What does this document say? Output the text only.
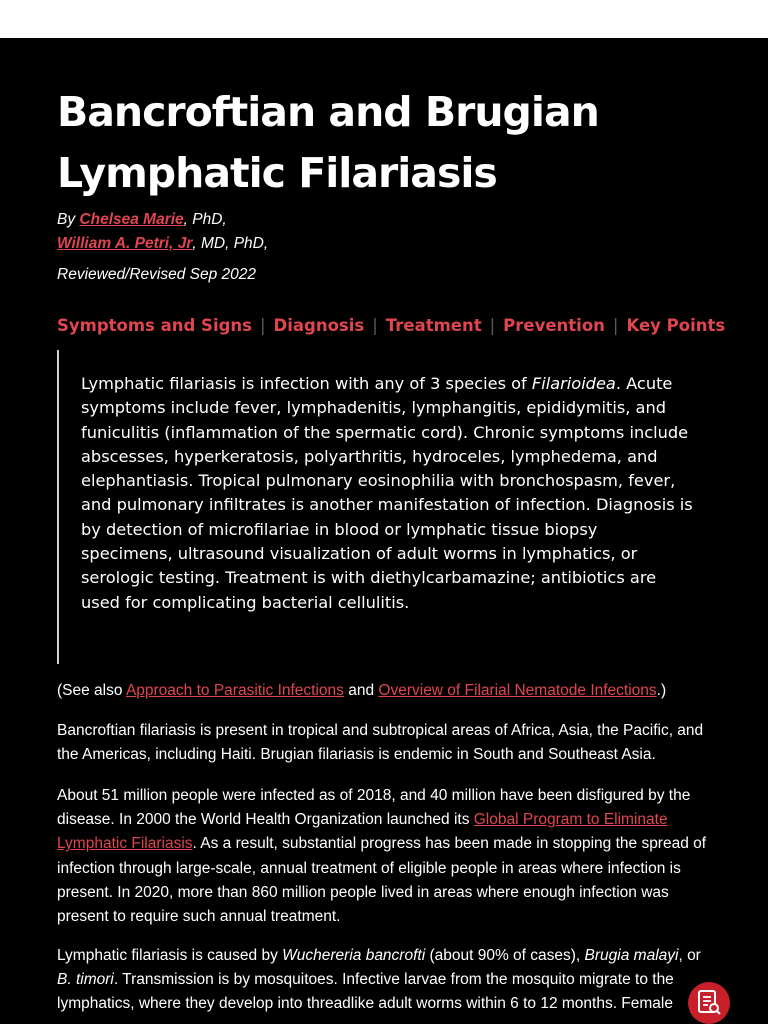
Bancroftian and Brugian Lymphatic Filariasis
By Chelsea Marie, PhD,
William A. Petri, Jr, MD, PhD,
Reviewed/Revised Sep 2022
Symptoms and Signs | Diagnosis | Treatment | Prevention | Key Points

Lymphatic filariasis is infection with any of 3 species of Filarioidea. Acute symptoms include fever, lymphadenitis, lymphangitis, epididymitis, and funiculitis (inflammation of the spermatic cord). Chronic symptoms include abscesses, hyperkeratosis, polyarthritis, hydroceles, lymphedema, and elephantiasis. Tropical pulmonary eosinophilia with bronchospasm, fever, and pulmonary infiltrates is another manifestation of infection. Diagnosis is by detection of microfilariae in blood or lymphatic tissue biopsy specimens, ultrasound visualization of adult worms in lymphatics, or serologic testing. Treatment is with diethylcarbamazine; antibiotics are used for complicating bacterial cellulitis.

(See also Approach to Parasitic Infections and Overview of Filarial Nematode Infections.)

Bancroftian filariasis is present in tropical and subtropical areas of Africa, Asia, the Pacific, and the Americas, including Haiti. Brugian filariasis is endemic in South and Southeast Asia.

About 51 million people were infected as of 2018, and 40 million have been disfigured by the disease. In 2000 the World Health Organization launched its Global Program to Eliminate Lymphatic Filariasis. As a result, substantial progress has been made in stopping the spread of infection through large-scale, annual treatment of eligible people in areas where infection is present. In 2020, more than 860 million people lived in areas where enough infection was present to require such annual treatment.

Lymphatic filariasis is caused by Wuchereria bancrofti (about 90% of cases), Brugia malayi, or B. timori. Transmission is by mosquitoes. Infective larvae from the mosquito migrate to the lymphatics, where they develop into threadlike adult worms within 6 to 12 months. Female
